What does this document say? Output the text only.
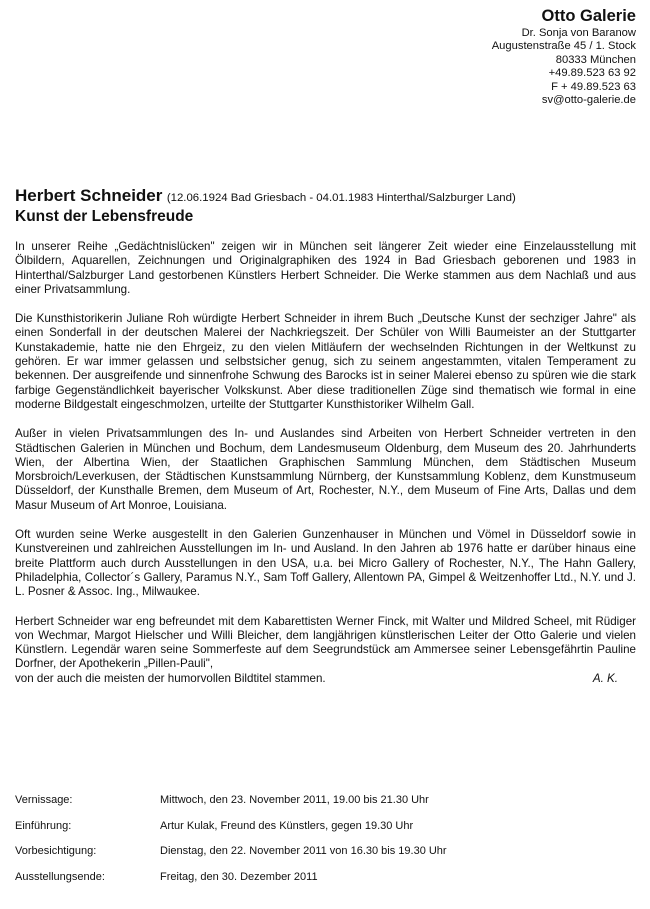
Otto Galerie
Dr. Sonja von Baranow
Augustenstraße 45 / 1. Stock
80333 München
+49.89.523 63 92
F + 49.89.523 63
sv@otto-galerie.de
Herbert Schneider (12.06.1924 Bad Griesbach - 04.01.1983 Hinterthal/Salzburger Land)
Kunst der Lebensfreude

In unserer Reihe „Gedächtnislücken" zeigen wir in München seit längerer Zeit wieder eine Einzelausstellung mit Ölbildern, Aquarellen, Zeichnungen und Originalgraphiken des 1924 in Bad Griesbach geborenen und 1983 in Hinterthal/Salzburger Land gestorbenen Künstlers Herbert Schneider. Die Werke stammen aus dem Nachlaß und aus einer Privatsammlung.

Die Kunsthistorikerin Juliane Roh würdigte Herbert Schneider in ihrem Buch „Deutsche Kunst der sechziger Jahre" als einen Sonderfall in der deutschen Malerei der Nachkriegszeit. Der Schüler von Willi Baumeister an der Stuttgarter Kunstakademie, hatte nie den Ehrgeiz, zu den vielen Mitläufern der wechselnden Richtungen in der Weltkunst zu gehören. Er war immer gelassen und selbstsicher genug, sich zu seinem angestammten, vitalen Temperament zu bekennen. Der ausgreifende und sinnenfrohe Schwung des Barocks ist in seiner Malerei ebenso zu spüren wie die stark farbige Gegenständlichkeit bayerischer Volkskunst. Aber diese traditionellen Züge sind thematisch wie formal in eine moderne Bildgestalt eingeschmolzen, urteilte der Stuttgarter Kunsthistoriker Wilhelm Gall.

Außer in vielen Privatsammlungen des In- und Auslandes sind Arbeiten von Herbert Schneider vertreten in den Städtischen Galerien in München und Bochum, dem Landesmuseum Oldenburg, dem Museum des 20. Jahrhunderts Wien, der Albertina Wien, der Staatlichen Graphischen Sammlung München, dem Städtischen Museum Morsbroich/Leverkusen, der Städtischen Kunstsammlung Nürnberg, der Kunstsammlung Koblenz, dem Kunstmuseum Düsseldorf, der Kunsthalle Bremen, dem Museum of Art, Rochester, N.Y., dem Museum of Fine Arts, Dallas und dem Masur Museum of Art Monroe, Louisiana.

Oft wurden seine Werke ausgestellt in den Galerien Gunzenhauser in München und Vömel in Düsseldorf sowie in Kunstvereinen und zahlreichen Ausstellungen im In- und Ausland. In den Jahren ab 1976 hatte er darüber hinaus eine breite Plattform auch durch Ausstellungen in den USA, u.a. bei Micro Gallery of Rochester, N.Y., The Hahn Gallery, Philadelphia, Collector´s Gallery, Paramus N.Y., Sam Toff Gallery, Allentown PA, Gimpel & Weitzenhoffer Ltd., N.Y. und J. L. Posner & Assoc. Ing., Milwaukee.

Herbert Schneider war eng befreundet mit dem Kabarettisten Werner Finck, mit Walter und Mildred Scheel, mit Rüdiger von Wechmar, Margot Hielscher und Willi Bleicher, dem langjährigen künstlerischen Leiter der Otto Galerie und vielen Künstlern. Legendär waren seine Sommerfeste auf dem Seegrundstück am Ammersee seiner Lebensgefährtin Pauline Dorfner, der Apothekerin „Pillen-Pauli",
von der auch die meisten der humorvollen Bildtitel stammen.	A. K.
Vernissage:	Mittwoch, den 23. November 2011, 19.00 bis 21.30 Uhr
Einführung:	Artur Kulak, Freund des Künstlers, gegen 19.30 Uhr
Vorbesichtigung:	Dienstag, den 22. November 2011 von 16.30 bis 19.30 Uhr
Ausstellungsende:	Freitag, den 30. Dezember 2011
